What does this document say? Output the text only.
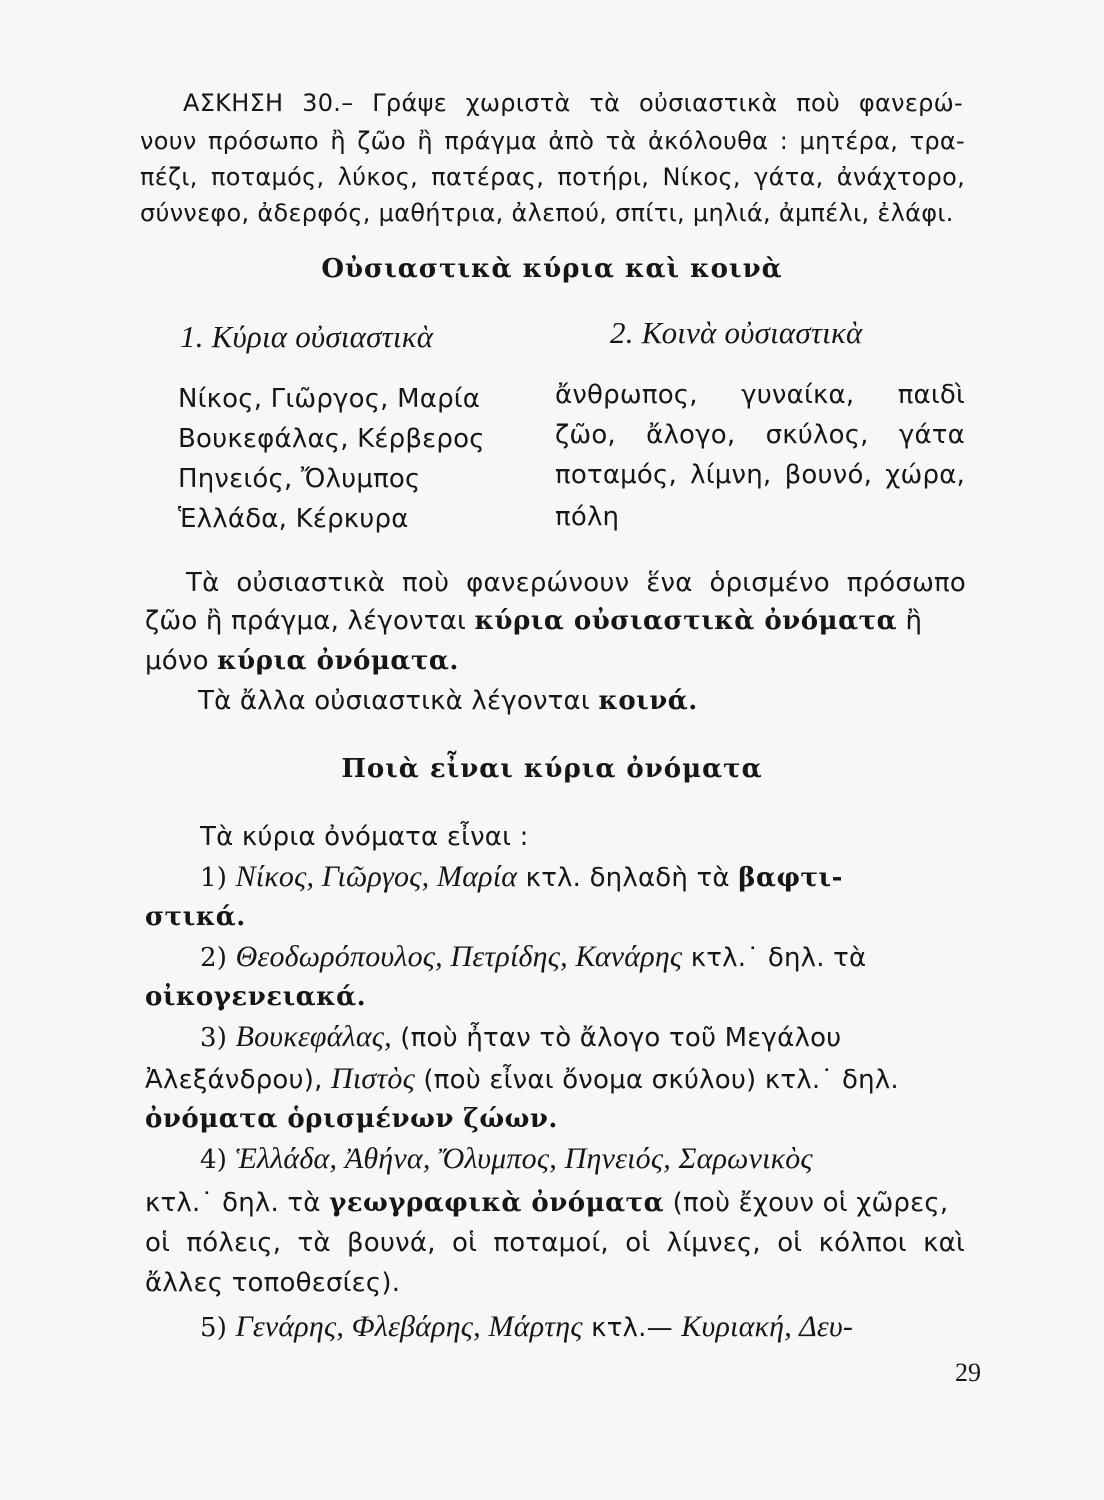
ΑΣΚΗΣΗ 30.– Γράψε χωριστὰ τὰ οὐσιαστικὰ ποὺ φανερώ-
νουν πρόσωπο ἢ ζῶο ἢ πράγμα ἀπὸ τὰ ἀκόλουθα : μητέρα, τρα-
πέζι, ποταμός, λύκος, πατέρας, ποτήρι, Νίκος, γάτα, ἀνάχτορο,
σύννεφο, ἀδερφός, μαθήτρια, ἀλεπού, σπίτι, μηλιά, ἀμπέλι, ἐλάφι.
Οὐσιαστικὰ κύρια καὶ κοινὰ
1. Κύρια οὐσιαστικὰ	2. Κοινὰ οὐσιαστικὰ
Νίκος, Γιῶργος, Μαρία
Βουκεφάλας, Κέρβερος
Πηνειός, Ὄλυμπος
Ἑλλάδα, Κέρκυρα
ἄνθρωπος, γυναίκα, παιδὶ
ζῶο, ἄλογο, σκύλος, γάτα
ποταμός, λίμνη, βουνό, χώρα,
πόλη
Τὰ οὐσιαστικὰ ποὺ φανερώνουν ἕνα ὁρισμένο πρόσωπο
ζῶο ἢ πράγμα, λέγονται κύρια οὐσιαστικὰ ὀνόματα ἢ
μόνο κύρια ὀνόματα.
Τὰ ἄλλα οὐσιαστικὰ λέγονται κοινά.
Ποιὰ εἶναι κύρια ὀνόματα
Τὰ κύρια ὀνόματα εἶναι :
1) Νίκος, Γιῶργος, Μαρία κτλ. δηλαδὴ τὰ βαφτι-
στικά.
2) Θεοδωρόπουλος, Πετρίδης, Κανάρης κτλ.˙ δηλ. τὰ
οἰκογενειακά.
3) Βουκεφάλας, (ποὺ ἦταν τὸ ἄλογο τοῦ Μεγάλου
Ἀλεξάνδρου), Πιστὸς (ποὺ εἶναι ὄνομα σκύλου) κτλ.˙ δηλ.
ὀνόματα ὁρισμένων ζώων.
4) Ἑλλάδα, Ἀθήνα, Ὄλυμπος, Πηνειός, Σαρωνικὸς
κτλ.˙ δηλ. τὰ γεωγραφικὰ ὀνόματα (ποὺ ἔχουν οἱ χῶρες,
οἱ πόλεις, τὰ βουνά, οἱ ποταμοί, οἱ λίμνες, οἱ κόλποι καὶ
ἄλλες τοποθεσίες).
5) Γενάρης, Φλεβάρης, Μάρτης κτλ.— Κυριακή, Δευ-
29
